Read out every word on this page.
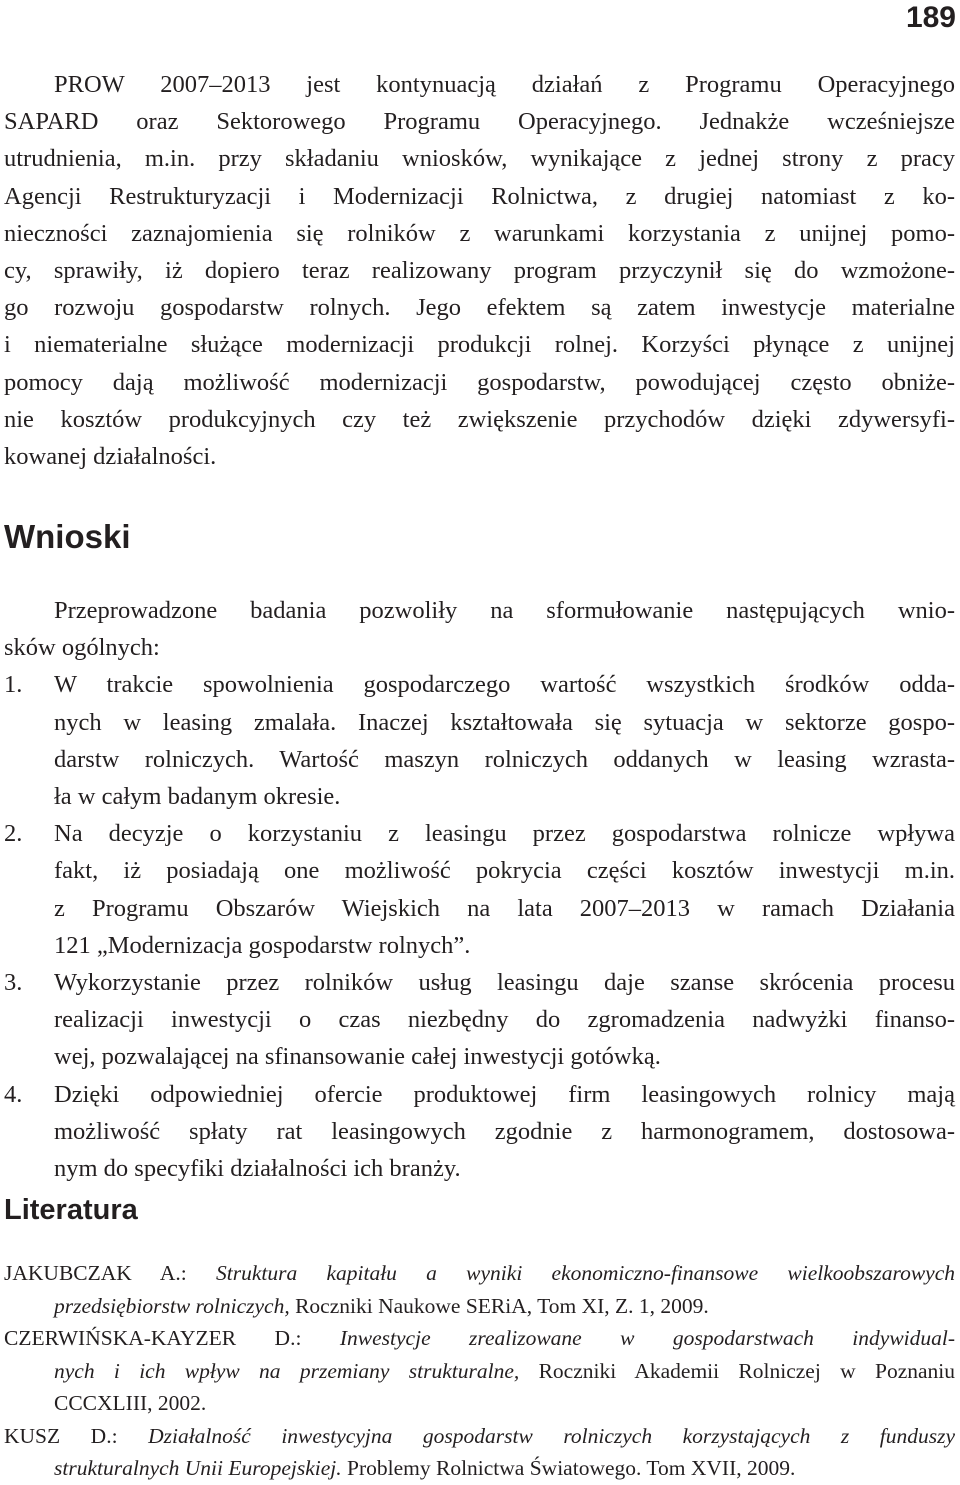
189

PROW 2007–2013 jest kontynuacją działań z Programu Operacyjnego
SAPARD oraz Sektorowego Programu Operacyjnego. Jednakże wcześniejsze
utrudnienia, m.in. przy składaniu wniosków, wynikające z jednej strony z pracy
Agencji Restrukturyzacji i Modernizacji Rolnictwa, z drugiej natomiast z ko-
nieczności zaznajomienia się rolników z warunkami korzystania z unijnej pomo-
cy, sprawiły, iż dopiero teraz realizowany program przyczynił się do wzmożone-
go rozwoju gospodarstw rolnych. Jego efektem są zatem inwestycje materialne
i niematerialne służące modernizacji produkcji rolnej. Korzyści płynące z unijnej
pomocy dają możliwość modernizacji gospodarstw, powodującej często obniże-
nie kosztów produkcyjnych czy też zwiększenie przychodów dzięki zdywersyfi-
kowanej działalności.

Wnioski
Przeprowadzone badania pozwoliły na sformułowanie następujących wnio-
sków ogólnych:
1. W trakcie spowolnienia gospodarczego wartość wszystkich środków odda-
nych w leasing zmalała. Inaczej kształtowała się sytuacja w sektorze gospo-
darstw rolniczych. Wartość maszyn rolniczych oddanych w leasing wzrasta-
ła w całym badanym okresie.
2. Na decyzje o korzystaniu z leasingu przez gospodarstwa rolnicze wpływa
fakt, iż posiadają one możliwość pokrycia części kosztów inwestycji m.in.
z Programu Obszarów Wiejskich na lata 2007–2013 w ramach Działania
121 „Modernizacja gospodarstw rolnych”.
3. Wykorzystanie przez rolników usług leasingu daje szanse skrócenia procesu
realizacji inwestycji o czas niezbędny do zgromadzenia nadwyżki finanso-
wej, pozwalającej na sfinansowanie całej inwestycji gotówką.
4. Dzięki odpowiedniej ofercie produktowej firm leasingowych rolnicy mają
możliwość spłaty rat leasingowych zgodnie z harmonogramem, dostosowa-
nym do specyfiki działalności ich branży.
Literatura
JAKUBCZAK A.: Struktura kapitału a wyniki ekonomiczno-finansowe wielkoobszarowych
przedsiębiorstw rolniczych, Roczniki Naukowe SERiA, Tom XI, Z. 1, 2009.
CZERWIŃSKA-KAYZER D.: Inwestycje zrealizowane w gospodarstwach indywidual-
nych i ich wpływ na przemiany strukturalne, Roczniki Akademii Rolniczej w Poznaniu
CCCXLIII, 2002.
KUSZ D.: Działalność inwestycyjna gospodarstw rolniczych korzystających z funduszy
strukturalnych Unii Europejskiej. Problemy Rolnictwa Światowego. Tom XVII, 2009.
